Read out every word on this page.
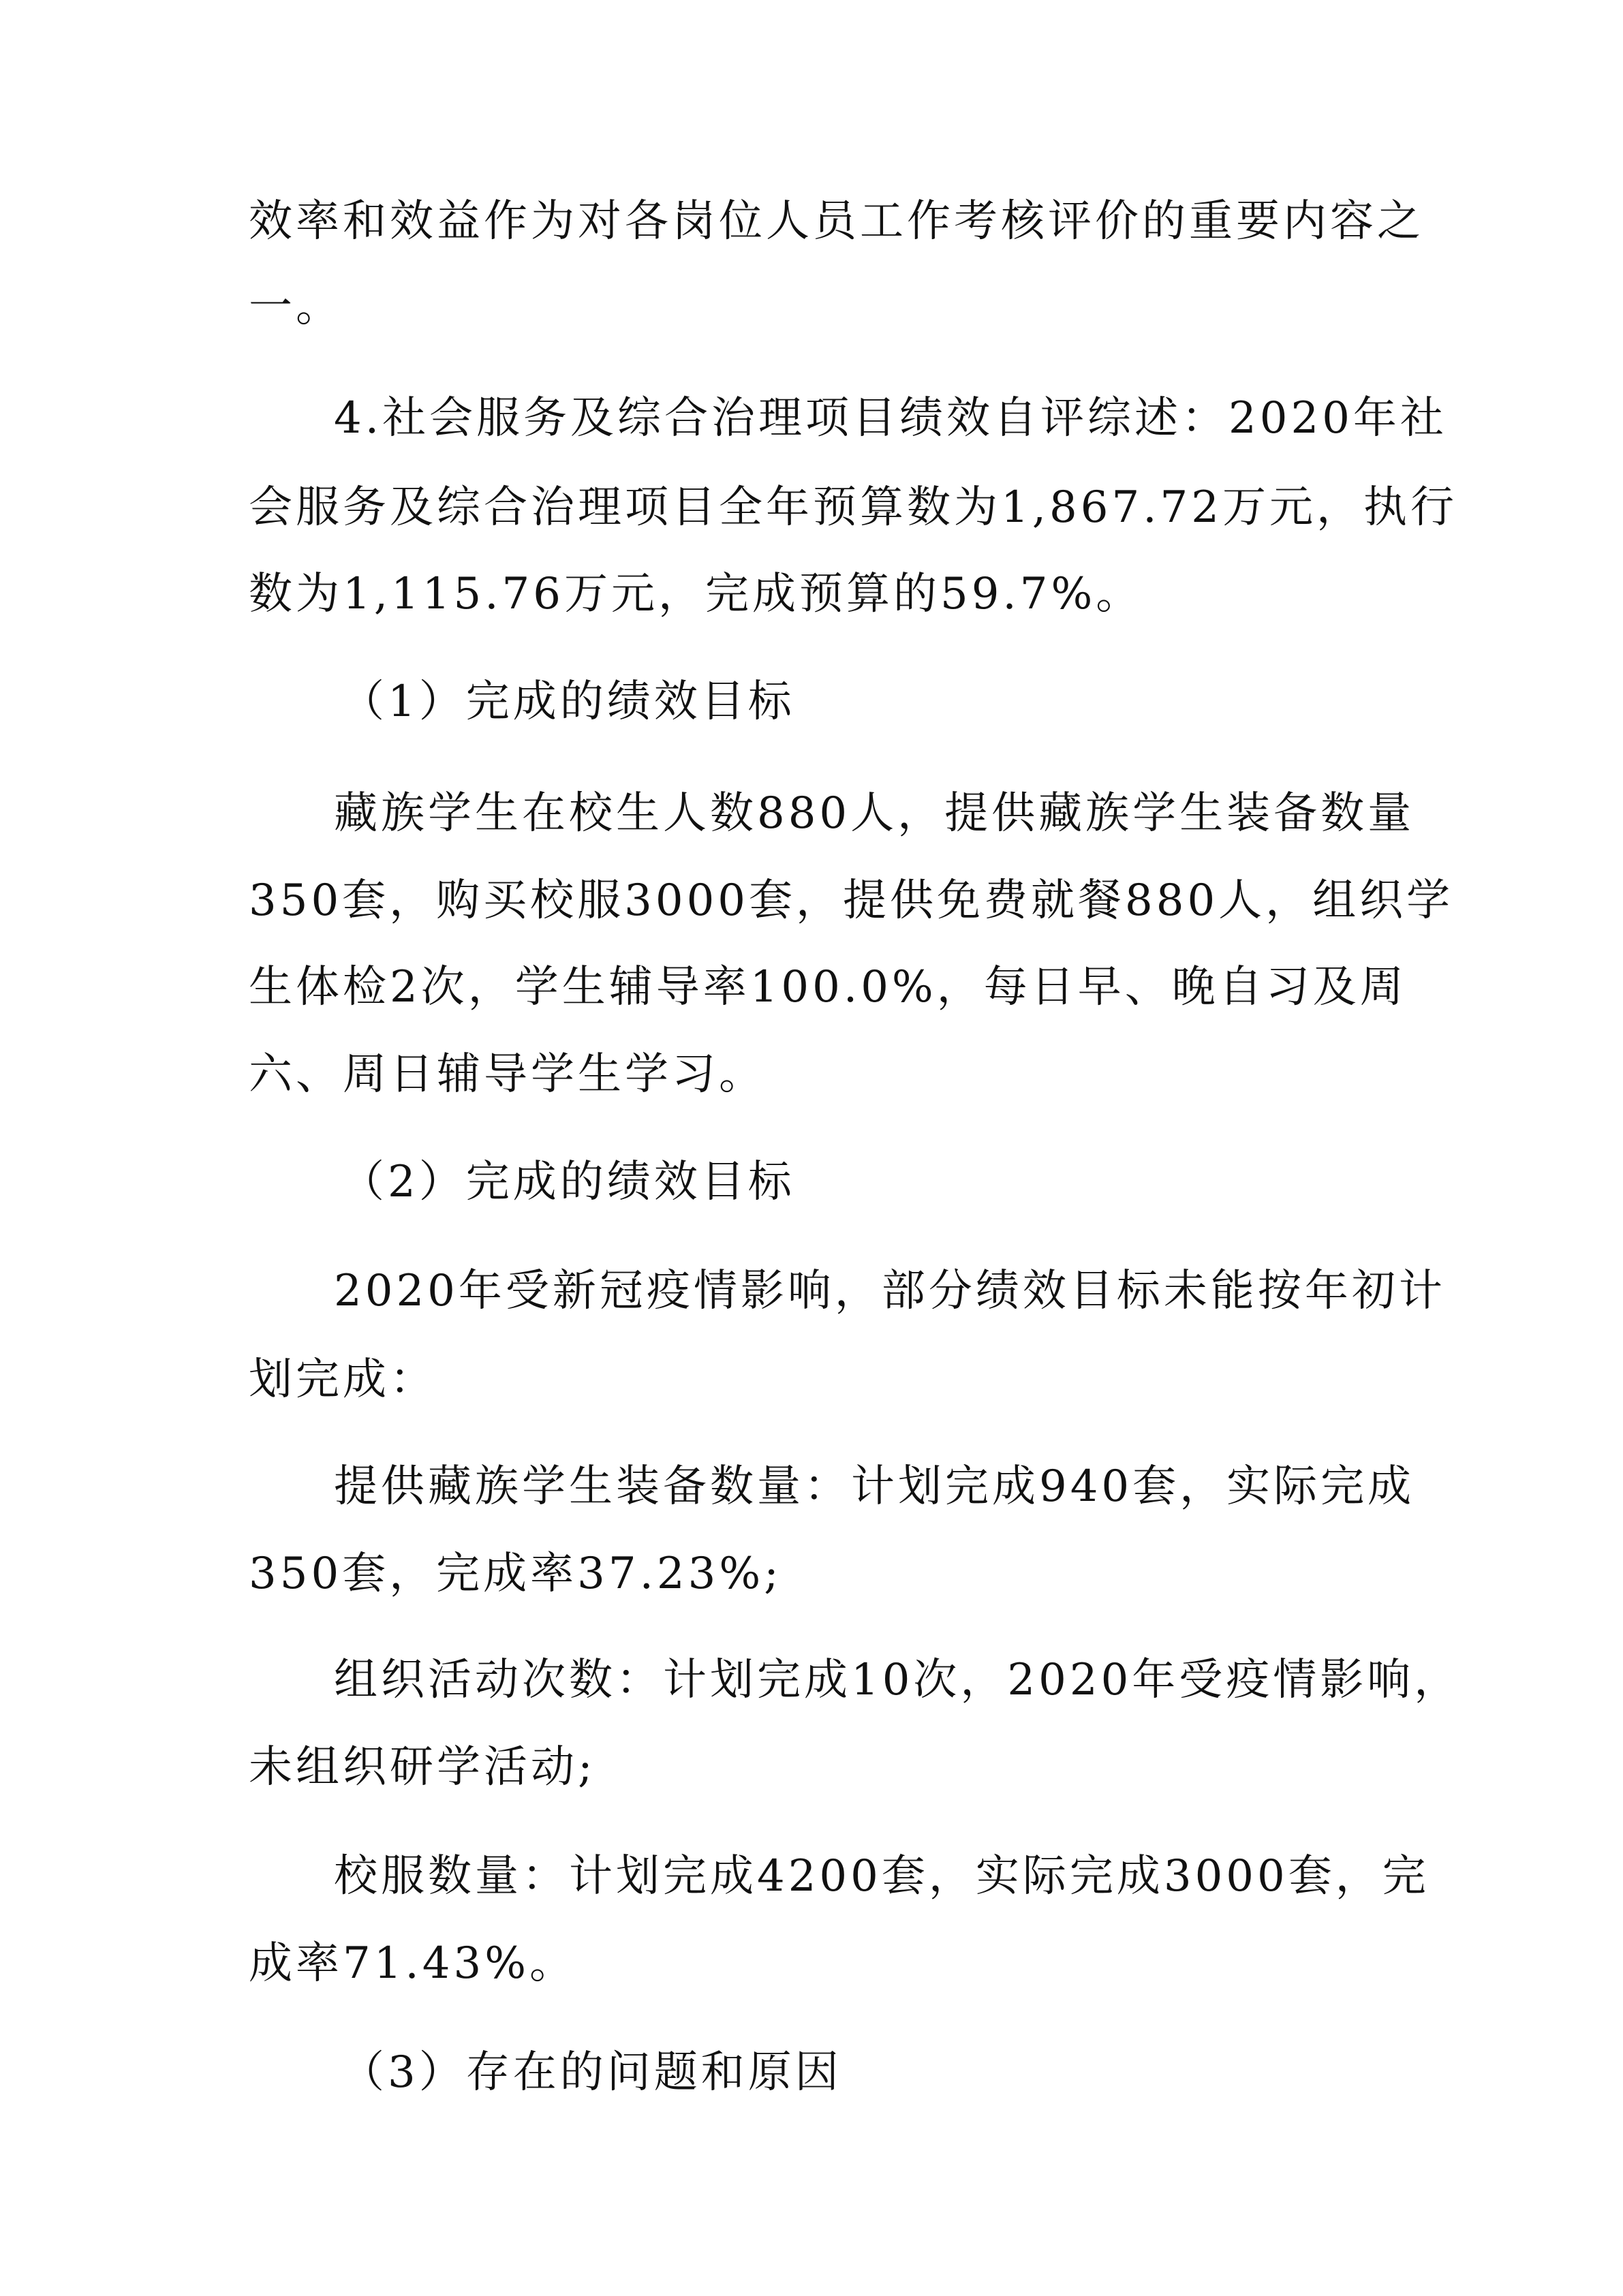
效率和效益作为对各岗位人员工作考核评价的重要内容之
一。
4.社会服务及综合治理项目绩效自评综述：2020年社
会服务及综合治理项目全年预算数为1,867.72万元，执行
数为1,115.76万元，完成预算的59.7%。
（1）完成的绩效目标
藏族学生在校生人数880人，提供藏族学生装备数量
350套，购买校服3000套，提供免费就餐880人，组织学
生体检2次，学生辅导率100.0%，每日早、晚自习及周
六、周日辅导学生学习。
（2）完成的绩效目标
2020年受新冠疫情影响，部分绩效目标未能按年初计
划完成：
提供藏族学生装备数量：计划完成940套，实际完成
350套，完成率37.23%;
组织活动次数：计划完成10次，2020年受疫情影响，
未组织研学活动;
校服数量：计划完成4200套，实际完成3000套，完
成率71.43%。
（3）存在的问题和原因
